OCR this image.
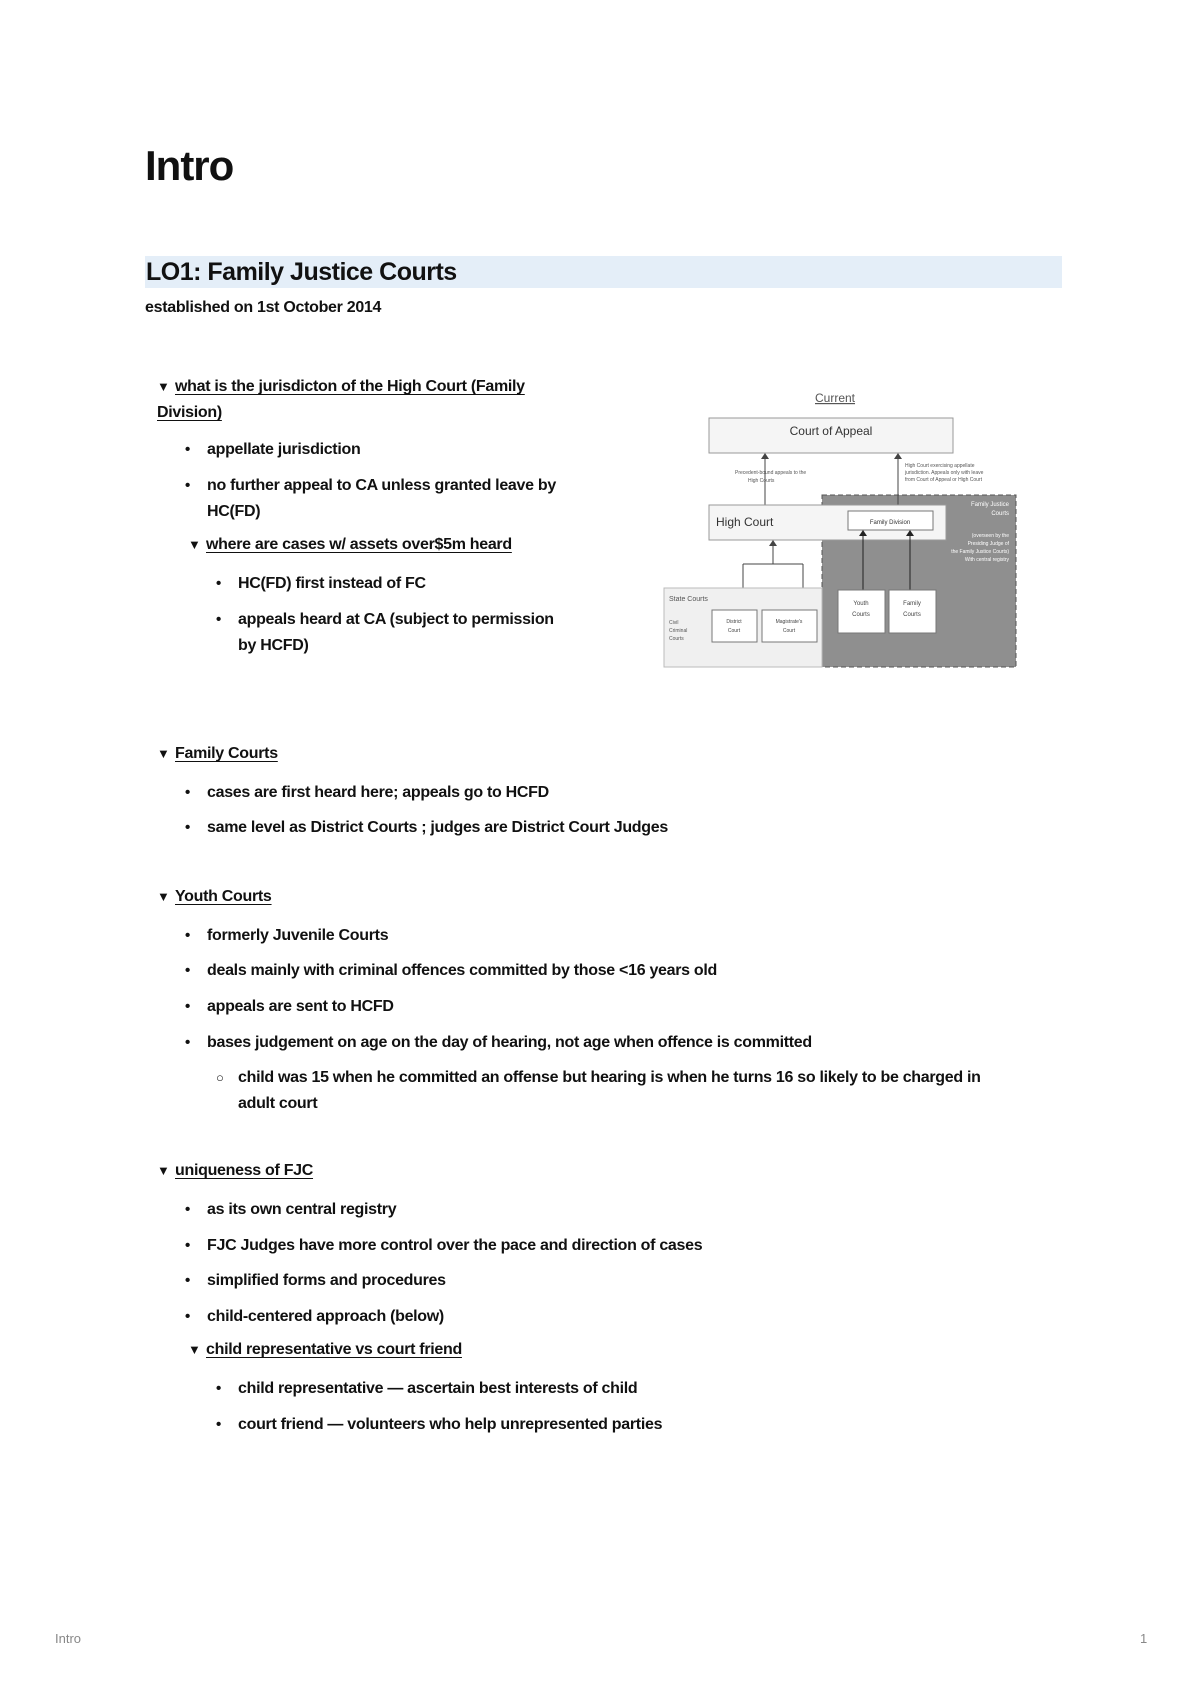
Intro
LO1: Family Justice Courts
established on 1st October 2014
▼ what is the jurisdicton of the High Court (Family
Division)
• appellate jurisdiction
• no further appeal to CA unless granted leave by
HC(FD)
▼ where are cases w/ assets over$5m heard
• HC(FD) first instead of FC
• appeals heard at CA (subject to permission
by HCFD)
Current
Court of Appeal
Precedent-bound appeals to the
High Courts
High Court exercising appellate
jurisdiction. Appeals only with leave
from Court of Appeal or High Court
High Court	Family Division
Family Justice
Courts
(overseen by the
Presiding Judge of
the Family Justice Courts)
With central registry
State Courts
Civil
Criminal
Courts
District
Court
Magistrate's
Court
Youth
Courts
Family
Courts
▼ Family Courts
• cases are first heard here; appeals go to HCFD
• same level as District Courts ; judges are District Court Judges
▼ Youth Courts
• formerly Juvenile Courts
• deals mainly with criminal offences committed by those <16 years old
• appeals are sent to HCFD
• bases judgement on age on the day of hearing, not age when offence is committed
○ child was 15 when he committed an offense but hearing is when he turns 16 so likely to be charged in
adult court
▼ uniqueness of FJC
• as its own central registry
• FJC Judges have more control over the pace and direction of cases
• simplified forms and procedures
• child-centered approach (below)
▼ child representative vs court friend
• child representative — ascertain best interests of child
• court friend — volunteers who help unrepresented parties
Intro	1
